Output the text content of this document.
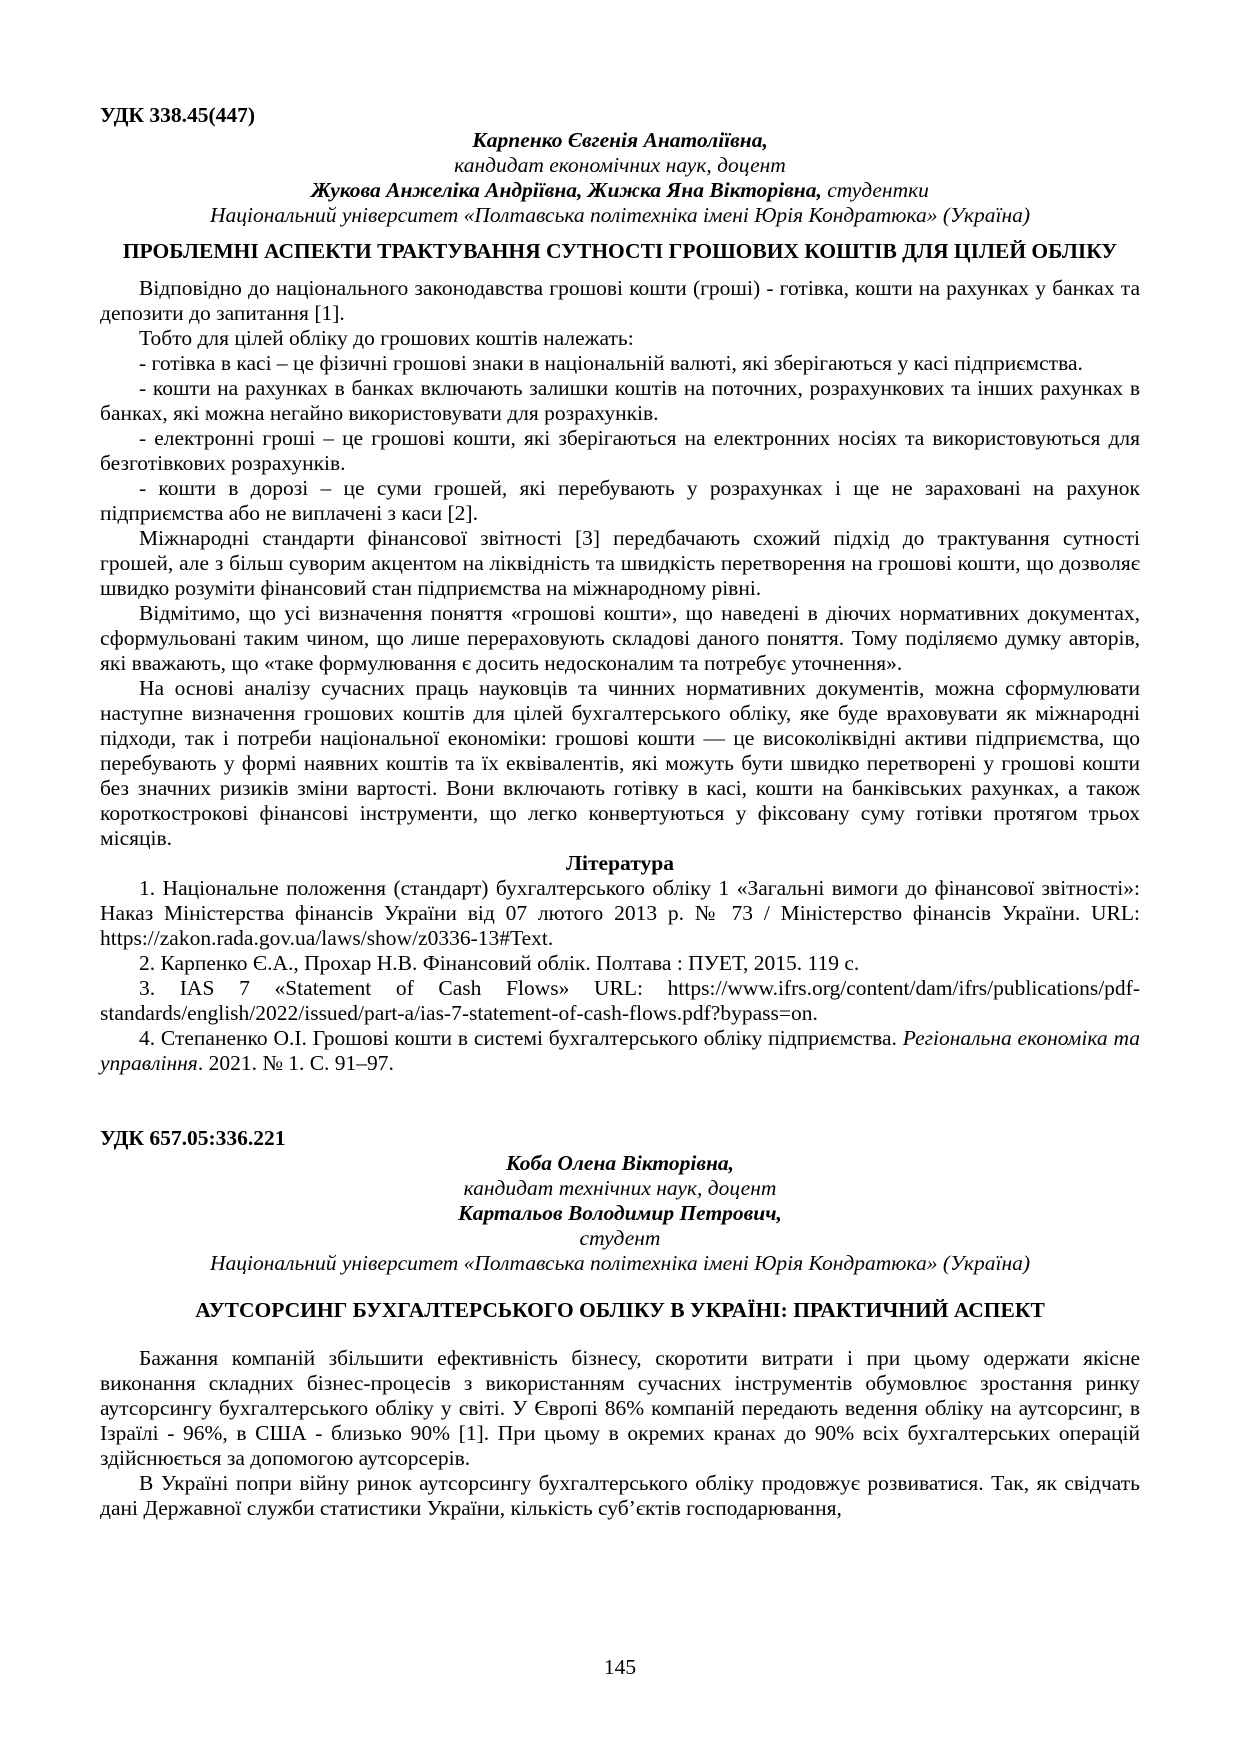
УДК 338.45(447)

Карпенко Євгенія Анатоліївна,

кандидат економічних наук, доцент

Жукова Анжеліка Андріївна, Жижка Яна Вікторівна, студентки

Національний університет «Полтавська політехніка імені Юрія Кондратюка» (Україна)

ПРОБЛЕМНІ АСПЕКТИ ТРАКТУВАННЯ СУТНОСТІ ГРОШОВИХ КОШТІВ ДЛЯ ЦІЛЕЙ ОБЛІКУ

Відповідно до національного законодавства грошові кошти (гроші) - готівка, кошти на рахунках у банках та депозити до запитання [1].

Тобто для цілей обліку до грошових коштів належать:

- готівка в касі – це фізичні грошові знаки в національній валюті, які зберігаються у касі підприємства.

- кошти на рахунках в банках включають залишки коштів на поточних, розрахункових та інших рахунках в банках, які можна негайно використовувати для розрахунків.

- електронні гроші – це грошові кошти, які зберігаються на електронних носіях та використовуються для безготівкових розрахунків.

- кошти в дорозі – це суми грошей, які перебувають у розрахунках і ще не зараховані на рахунок підприємства або не виплачені з каси [2].

Міжнародні стандарти фінансової звітності [3] передбачають схожий підхід до трактування сутності грошей, але з більш суворим акцентом на ліквідність та швидкість перетворення на грошові кошти, що дозволяє швидко розуміти фінансовий стан підприємства на міжнародному рівні.

Відмітимо, що усі визначення поняття «грошові кошти», що наведені в діючих нормативних документах, сформульовані таким чином, що лише перераховують складові даного поняття. Тому поділяємо думку авторів, які вважають, що «таке формулювання є досить недосконалим та потребує уточнення».

На основі аналізу сучасних праць науковців та чинних нормативних документів, можна сформулювати наступне визначення грошових коштів для цілей бухгалтерського обліку, яке буде враховувати як міжнародні підходи, так і потреби національної економіки: грошові кошти — це високоліквідні активи підприємства, що перебувають у формі наявних коштів та їх еквівалентів, які можуть бути швидко перетворені у грошові кошти без значних ризиків зміни вартості. Вони включають готівку в касі, кошти на банківських рахунках, а також короткострокові фінансові інструменти, що легко конвертуються у фіксовану суму готівки протягом трьох місяців.

Література

1. Національне положення (стандарт) бухгалтерського обліку 1 «Загальні вимоги до фінансової звітності»: Наказ Міністерства фінансів України від 07 лютого 2013 р. № 73 / Міністерство фінансів України. URL: https://zakon.rada.gov.ua/laws/show/z0336-13#Text.

2. Карпенко Є.А., Прохар Н.В. Фінансовий облік. Полтава : ПУЕТ, 2015. 119 с.

3. IAS 7 «Statement of Cash Flows» URL: https://www.ifrs.org/content/dam/ifrs/publications/pdf-standards/english/2022/issued/part-a/ias-7-statement-of-cash-flows.pdf?bypass=on.

4. Степаненко О.І. Грошові кошти в системі бухгалтерського обліку підприємства. Регіональна економіка та управління. 2021. № 1. С. 91–97.

УДК 657.05:336.221

Коба Олена Вікторівна,

кандидат технічних наук, доцент

Картальов Володимир Петрович,

студент

Національний університет «Полтавська політехніка імені Юрія Кондратюка» (Україна)

АУТСОРСИНГ БУХГАЛТЕРСЬКОГО ОБЛІКУ В УКРАЇНІ: ПРАКТИЧНИЙ АСПЕКТ

Бажання компаній збільшити ефективність бізнесу, скоротити витрати і при цьому одержати якісне виконання складних бізнес-процесів з використанням сучасних інструментів обумовлює зростання ринку аутсорсингу бухгалтерського обліку у світі. У Європі 86% компаній передають ведення обліку на аутсорсинг, в Ізраїлі - 96%, в США - близько 90% [1]. При цьому в окремих кранах до 90% всіх бухгалтерських операцій здійснюється за допомогою аутсорсерів.

В Україні попри війну ринок аутсорсингу бухгалтерського обліку продовжує розвиватися. Так, як свідчать дані Державної служби статистики України, кількість суб’єктів господарювання,

145
